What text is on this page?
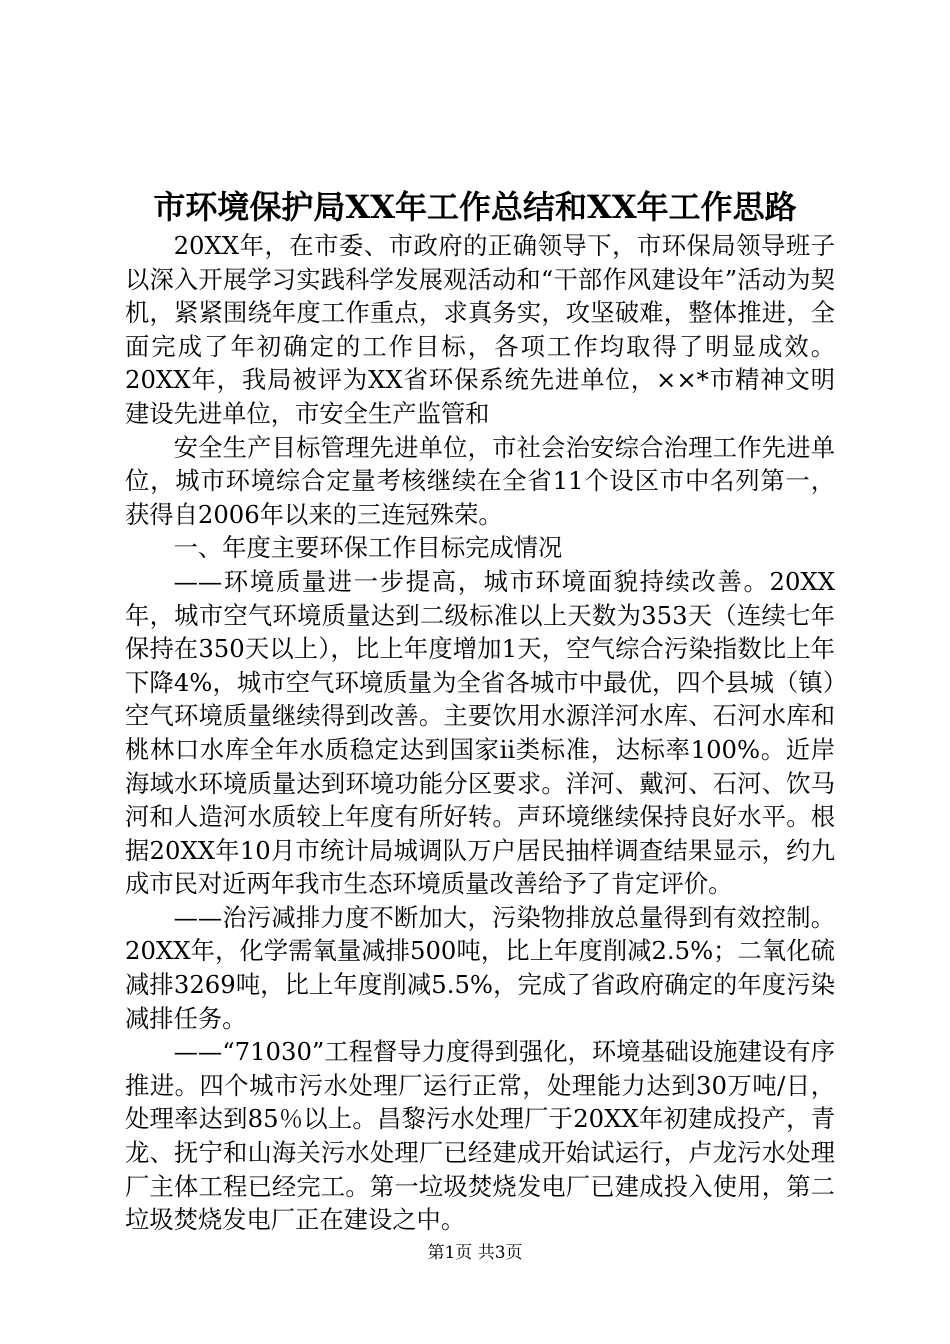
市环境保护局XX年工作总结和XX年工作思路

20XX年，在市委、市政府的正确领导下，市环保局领导班子以深入开展学习实践科学发展观活动和“干部作风建设年”活动为契机，紧紧围绕年度工作重点，求真务实，攻坚破难，整体推进，全面完成了年初确定的工作目标，各项工作均取得了明显成效。20XX年，我局被评为XX省环保系统先进单位，××*市精神文明建设先进单位，市安全生产监管和

安全生产目标管理先进单位，市社会治安综合治理工作先进单位，城市环境综合定量考核继续在全省11个设区市中名列第一，获得自2006年以来的三连冠殊荣。

一、年度主要环保工作目标完成情况

——环境质量进一步提高，城市环境面貌持续改善。20XX年，城市空气环境质量达到二级标准以上天数为353天（连续七年保持在350天以上），比上年度增加1天，空气综合污染指数比上年下降4%，城市空气环境质量为全省各城市中最优，四个县城（镇）空气环境质量继续得到改善。主要饮用水源洋河水库、石河水库和桃林口水库全年水质稳定达到国家ii类标准，达标率100%。近岸海域水环境质量达到环境功能分区要求。洋河、戴河、石河、饮马河和人造河水质较上年度有所好转。声环境继续保持良好水平。根据20XX年10月市统计局城调队万户居民抽样调查结果显示，约九成市民对近两年我市生态环境质量改善给予了肯定评价。

——治污减排力度不断加大，污染物排放总量得到有效控制。20XX年，化学需氧量减排500吨，比上年度削减2.5%；二氧化硫减排3269吨，比上年度削减5.5%，完成了省政府确定的年度污染减排任务。

——“71030”工程督导力度得到强化，环境基础设施建设有序推进。四个城市污水处理厂运行正常，处理能力达到30万吨/日，处理率达到85％以上。昌黎污水处理厂于20XX年初建成投产，青龙、抚宁和山海关污水处理厂已经建成开始试运行，卢龙污水处理厂主体工程已经完工。第一垃圾焚烧发电厂已建成投入使用，第二垃圾焚烧发电厂正在建设之中。

第1页 共3页
